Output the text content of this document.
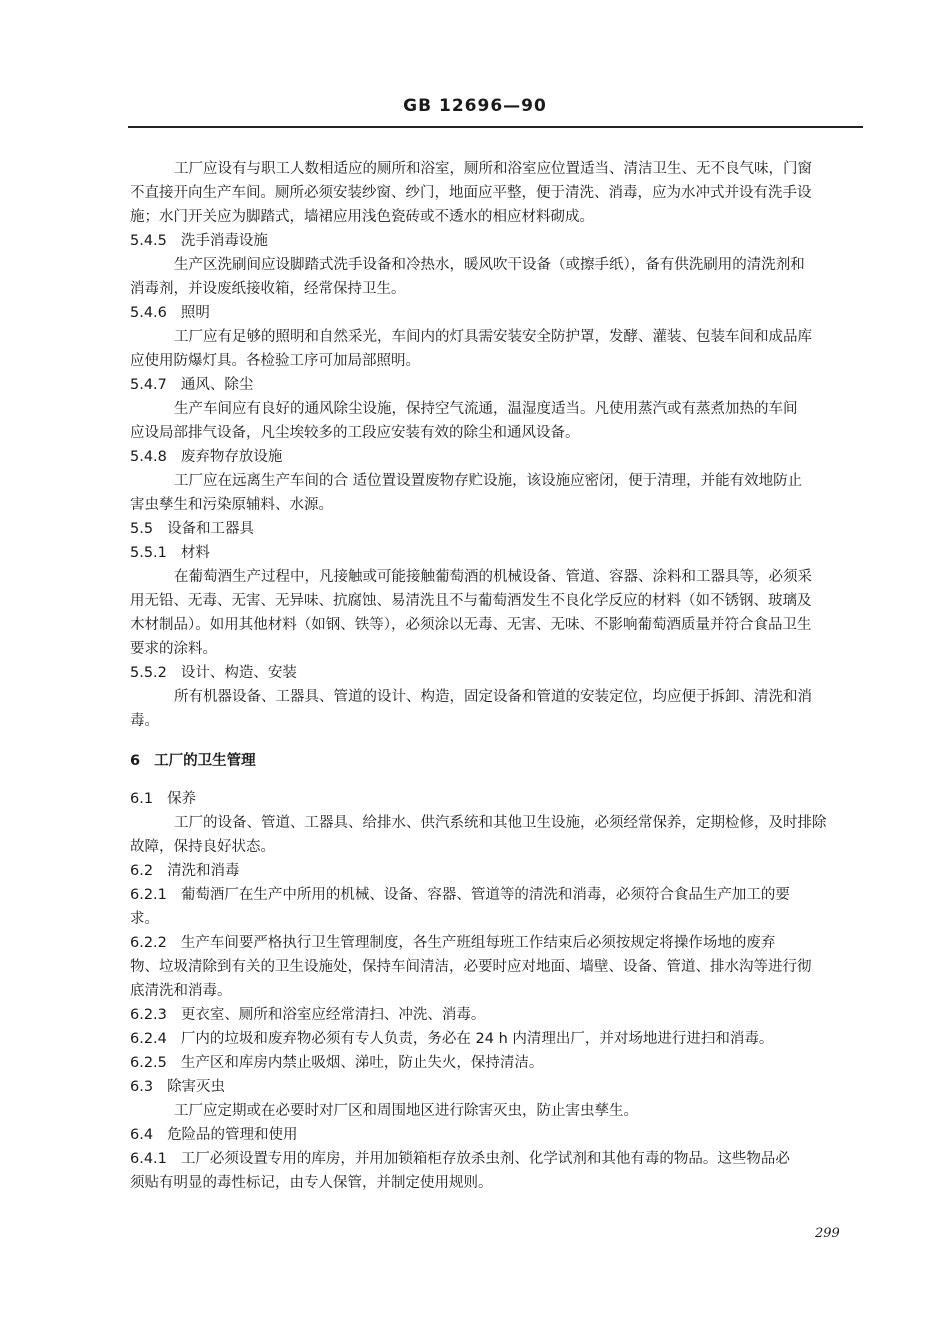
GB 12696—90
工厂应设有与职工人数相适应的厕所和浴室，厕所和浴室应位置适当、清洁卫生、无不良气味，门窗
不直接开向生产车间。厕所必须安装纱窗、纱门，地面应平整，便于清洗、消毒，应为水冲式并设有洗手设
施；水门开关应为脚踏式，墙裙应用浅色瓷砖或不透水的相应材料砌成。
5.4.5 洗手消毒设施
生产区洗刷间应设脚踏式洗手设备和冷热水，暖风吹干设备（或擦手纸），备有供洗刷用的清洗剂和
消毒剂，并设废纸接收箱，经常保持卫生。
5.4.6 照明
工厂应有足够的照明和自然采光，车间内的灯具需安装安全防护罩，发酵、灌装、包装车间和成品库
应使用防爆灯具。各检验工序可加局部照明。
5.4.7 通风、除尘
生产车间应有良好的通风除尘设施，保持空气流通，温湿度适当。凡使用蒸汽或有蒸煮加热的车间
应设局部排气设备，凡尘埃较多的工段应安装有效的除尘和通风设备。
5.4.8 废弃物存放设施
工厂应在远离生产车间的合 适位置设置废物存贮设施，该设施应密闭，便于清理，并能有效地防止
害虫孳生和污染原辅料、水源。
5.5 设备和工器具
5.5.1 材料
在葡萄酒生产过程中，凡接触或可能接触葡萄酒的机械设备、管道、容器、涂料和工器具等，必须采
用无铅、无毒、无害、无异味、抗腐蚀、易清洗且不与葡萄酒发生不良化学反应的材料（如不锈钢、玻璃及
木材制品）。如用其他材料（如钢、铁等），必须涂以无毒、无害、无味、不影响葡萄酒质量并符合食品卫生
要求的涂料。
5.5.2 设计、构造、安装
所有机器设备、工器具、管道的设计、构造，固定设备和管道的安装定位，均应便于拆卸、清洗和消
毒。
6 工厂的卫生管理
6.1 保养
工厂的设备、管道、工器具、给排水、供汽系统和其他卫生设施，必须经常保养，定期检修，及时排除
故障，保持良好状态。
6.2 清洗和消毒
6.2.1 葡萄酒厂在生产中所用的机械、设备、容器、管道等的清洗和消毒，必须符合食品生产加工的要
求。
6.2.2 生产车间要严格执行卫生管理制度，各生产班组每班工作结束后必须按规定将操作场地的废弃
物、垃圾清除到有关的卫生设施处，保持车间清洁，必要时应对地面、墙壁、设备、管道、排水沟等进行彻
底清洗和消毒。
6.2.3 更衣室、厕所和浴室应经常清扫、冲洗、消毒。
6.2.4 厂内的垃圾和废弃物必须有专人负责，务必在 24 h 内清理出厂，并对场地进行进扫和消毒。
6.2.5 生产区和库房内禁止吸烟、涕吐，防止失火，保持清洁。
6.3 除害灭虫
工厂应定期或在必要时对厂区和周围地区进行除害灭虫，防止害虫孳生。
6.4 危险品的管理和使用
6.4.1 工厂必须设置专用的库房，并用加锁箱柜存放杀虫剂、化学试剂和其他有毒的物品。这些物品必
须贴有明显的毒性标记，由专人保管，并制定使用规则。
299
